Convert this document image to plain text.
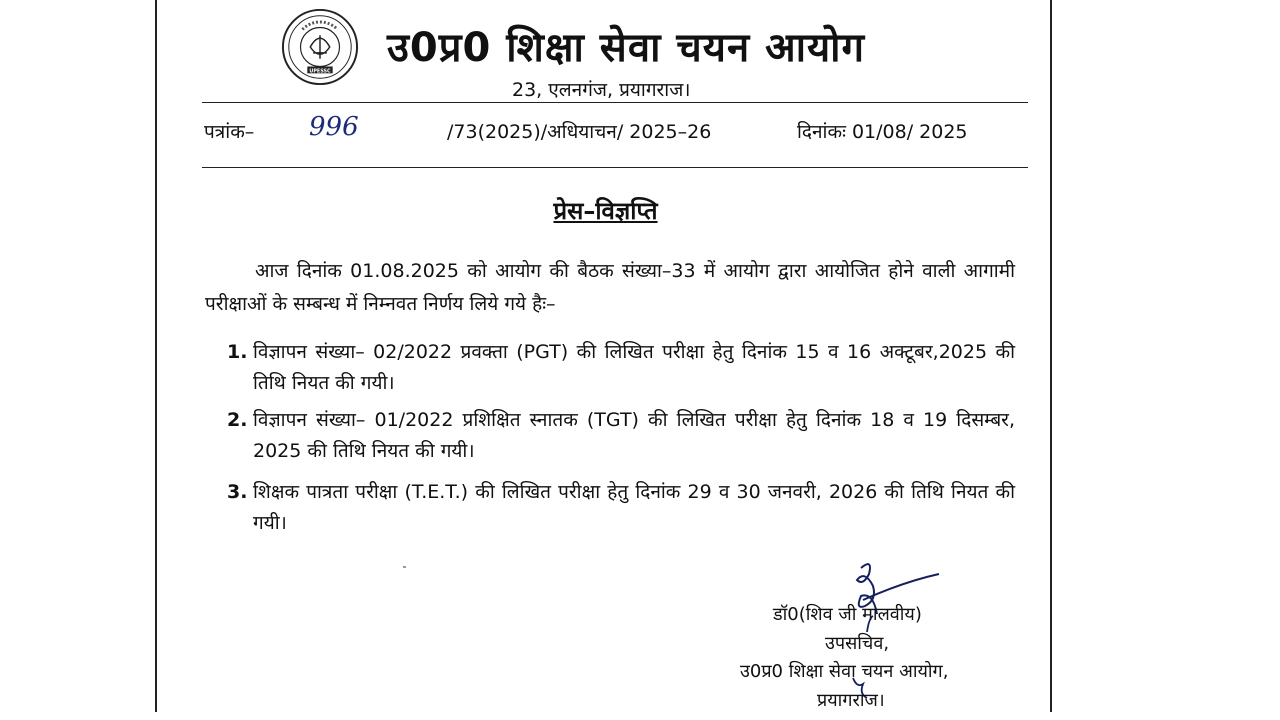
UPESSC
उ0प्र0 शिक्षा सेवा चयन आयोग
23, एलनगंज, प्रयागराज।
पत्रांक– 996	/73(2025)/अधियाचन/ 2025–26	दिनांकः 01/08/ 2025
प्रेस–विज्ञप्ति
आज दिनांक 01.08.2025 को आयोग की बैठक संख्या–33 में आयोग द्वारा आयोजित होने वाली आगामी परीक्षाओं के सम्बन्ध में निम्नवत निर्णय लिये गये हैः–
1. विज्ञापन संख्या– 02/2022 प्रवक्ता (PGT) की लिखित परीक्षा हेतु दिनांक 15 व 16 अक्टूबर,2025 की तिथि नियत की गयी।
2. विज्ञापन संख्या– 01/2022 प्रशिक्षित स्नातक (TGT) की लिखित परीक्षा हेतु दिनांक 18 व 19 दिसम्बर, 2025 की तिथि नियत की गयी।
3. शिक्षक पात्रता परीक्षा (T.E.T.) की लिखित परीक्षा हेतु दिनांक 29 व 30 जनवरी, 2026 की तिथि नियत की गयी।
डॉ0(शिव जी मालवीय)
उपसचिव,
उ0प्र0 शिक्षा सेवा चयन आयोग,
प्रयागराज।
